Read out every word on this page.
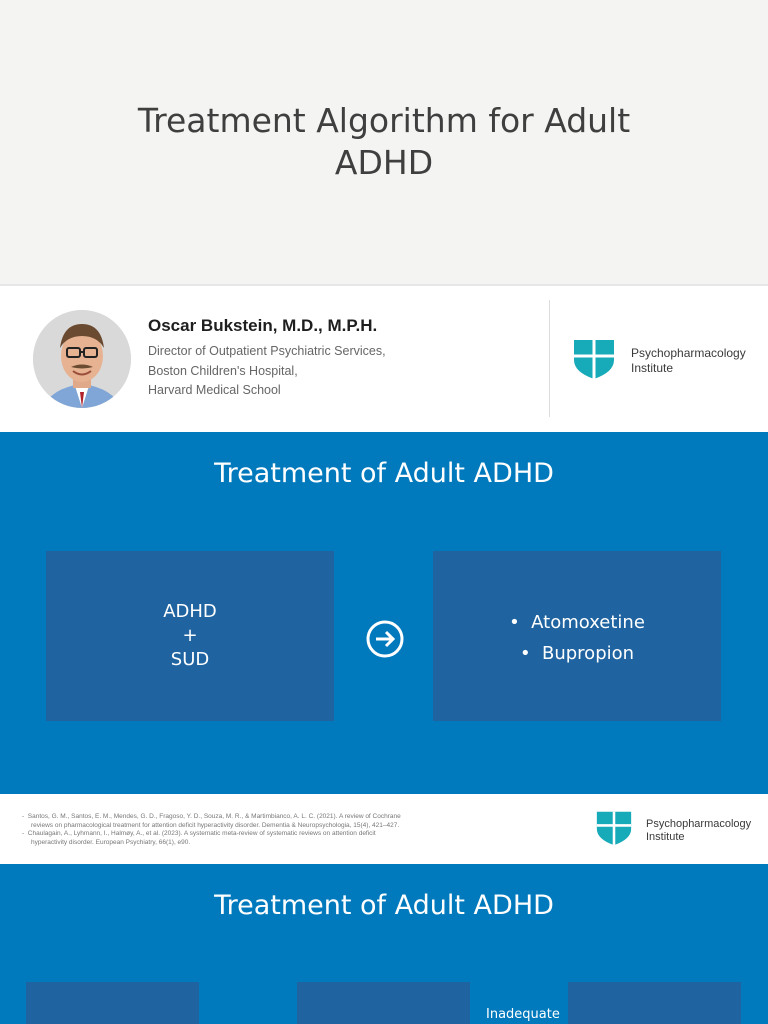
Treatment Algorithm for Adult
ADHD
Oscar Bukstein, M.D., M.P.H.
Director of Outpatient Psychiatric Services,
Boston Children's Hospital,
Harvard Medical School
Psychopharmacology
Institute
Treatment of Adult ADHD
ADHD
+
SUD
•  Atomoxetine
•  Bupropion
-  Santos, G. M., Santos, E. M., Mendes, G. D., Fragoso, Y. D., Souza, M. R., & Martimbianco, A. L. C. (2021). A review of Cochrane
reviews on pharmacological treatment for attention deficit hyperactivity disorder. Dementia & Neuropsychologia, 15(4), 421–427.
-  Chaulagain, A., Lyhmann, I., Halmøy, A., et al. (2023). A systematic meta-review of systematic reviews on attention deficit
hyperactivity disorder. European Psychiatry, 66(1), e90.
Psychopharmacology
Institute
Treatment of Adult ADHD
Inadequate
